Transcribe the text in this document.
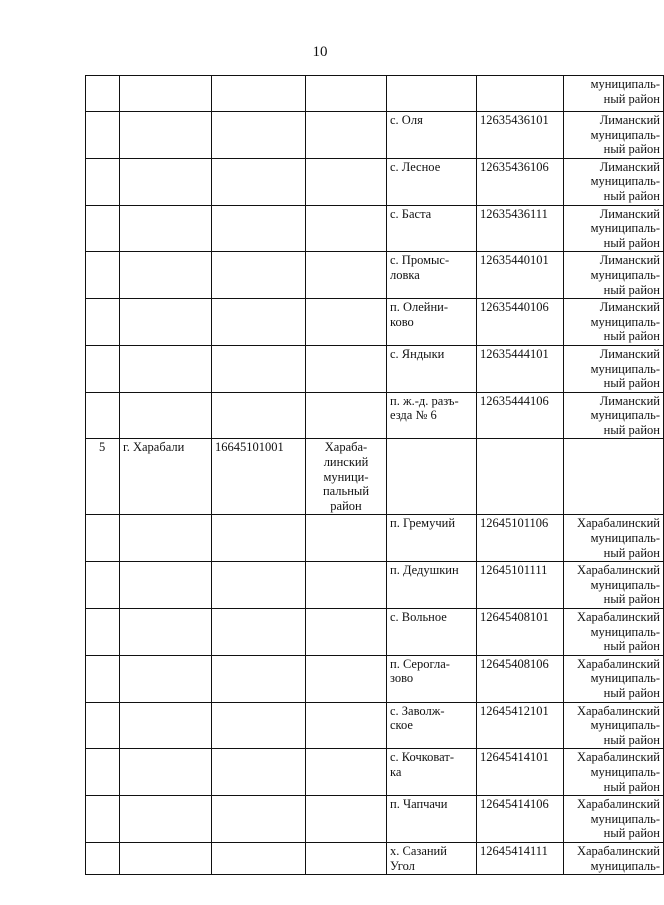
10

						муниципаль-
ный район

				с. Оля	12635436101	Лиманский
муниципаль-
ный район

				с. Лесное	12635436106	Лиманский
муниципаль-
ный район

				с. Баста	12635436111	Лиманский
муниципаль-
ный район

				с. Промыс-
ловка	12635440101	Лиманский
муниципаль-
ный район

				п. Олейни-
ково	12635440106	Лиманский
муниципаль-
ный район

				с. Яндыки	12635444101	Лиманский
муниципаль-
ный район

				п. ж.-д. разъ-
езда № 6	12635444106	Лиманский
муниципаль-
ный район

5	г. Харабали	16645101001	Хараба-
линский
муници-
пальный
район			

				п. Гремучий	12645101106	Харабалинский
муниципаль-
ный район

				п. Дедушкин	12645101111	Харабалинский
муниципаль-
ный район

				с. Вольное	12645408101	Харабалинский
муниципаль-
ный район

				п. Серогла-
зово	12645408106	Харабалинский
муниципаль-
ный район

				с. Заволж-
ское	12645412101	Харабалинский
муниципаль-
ный район

				с. Кочковат-
ка	12645414101	Харабалинский
муниципаль-
ный район

				п. Чапчачи	12645414106	Харабалинский
муниципаль-
ный район

				х. Сазаний
Угол	12645414111	Харабалинский
муниципаль-
